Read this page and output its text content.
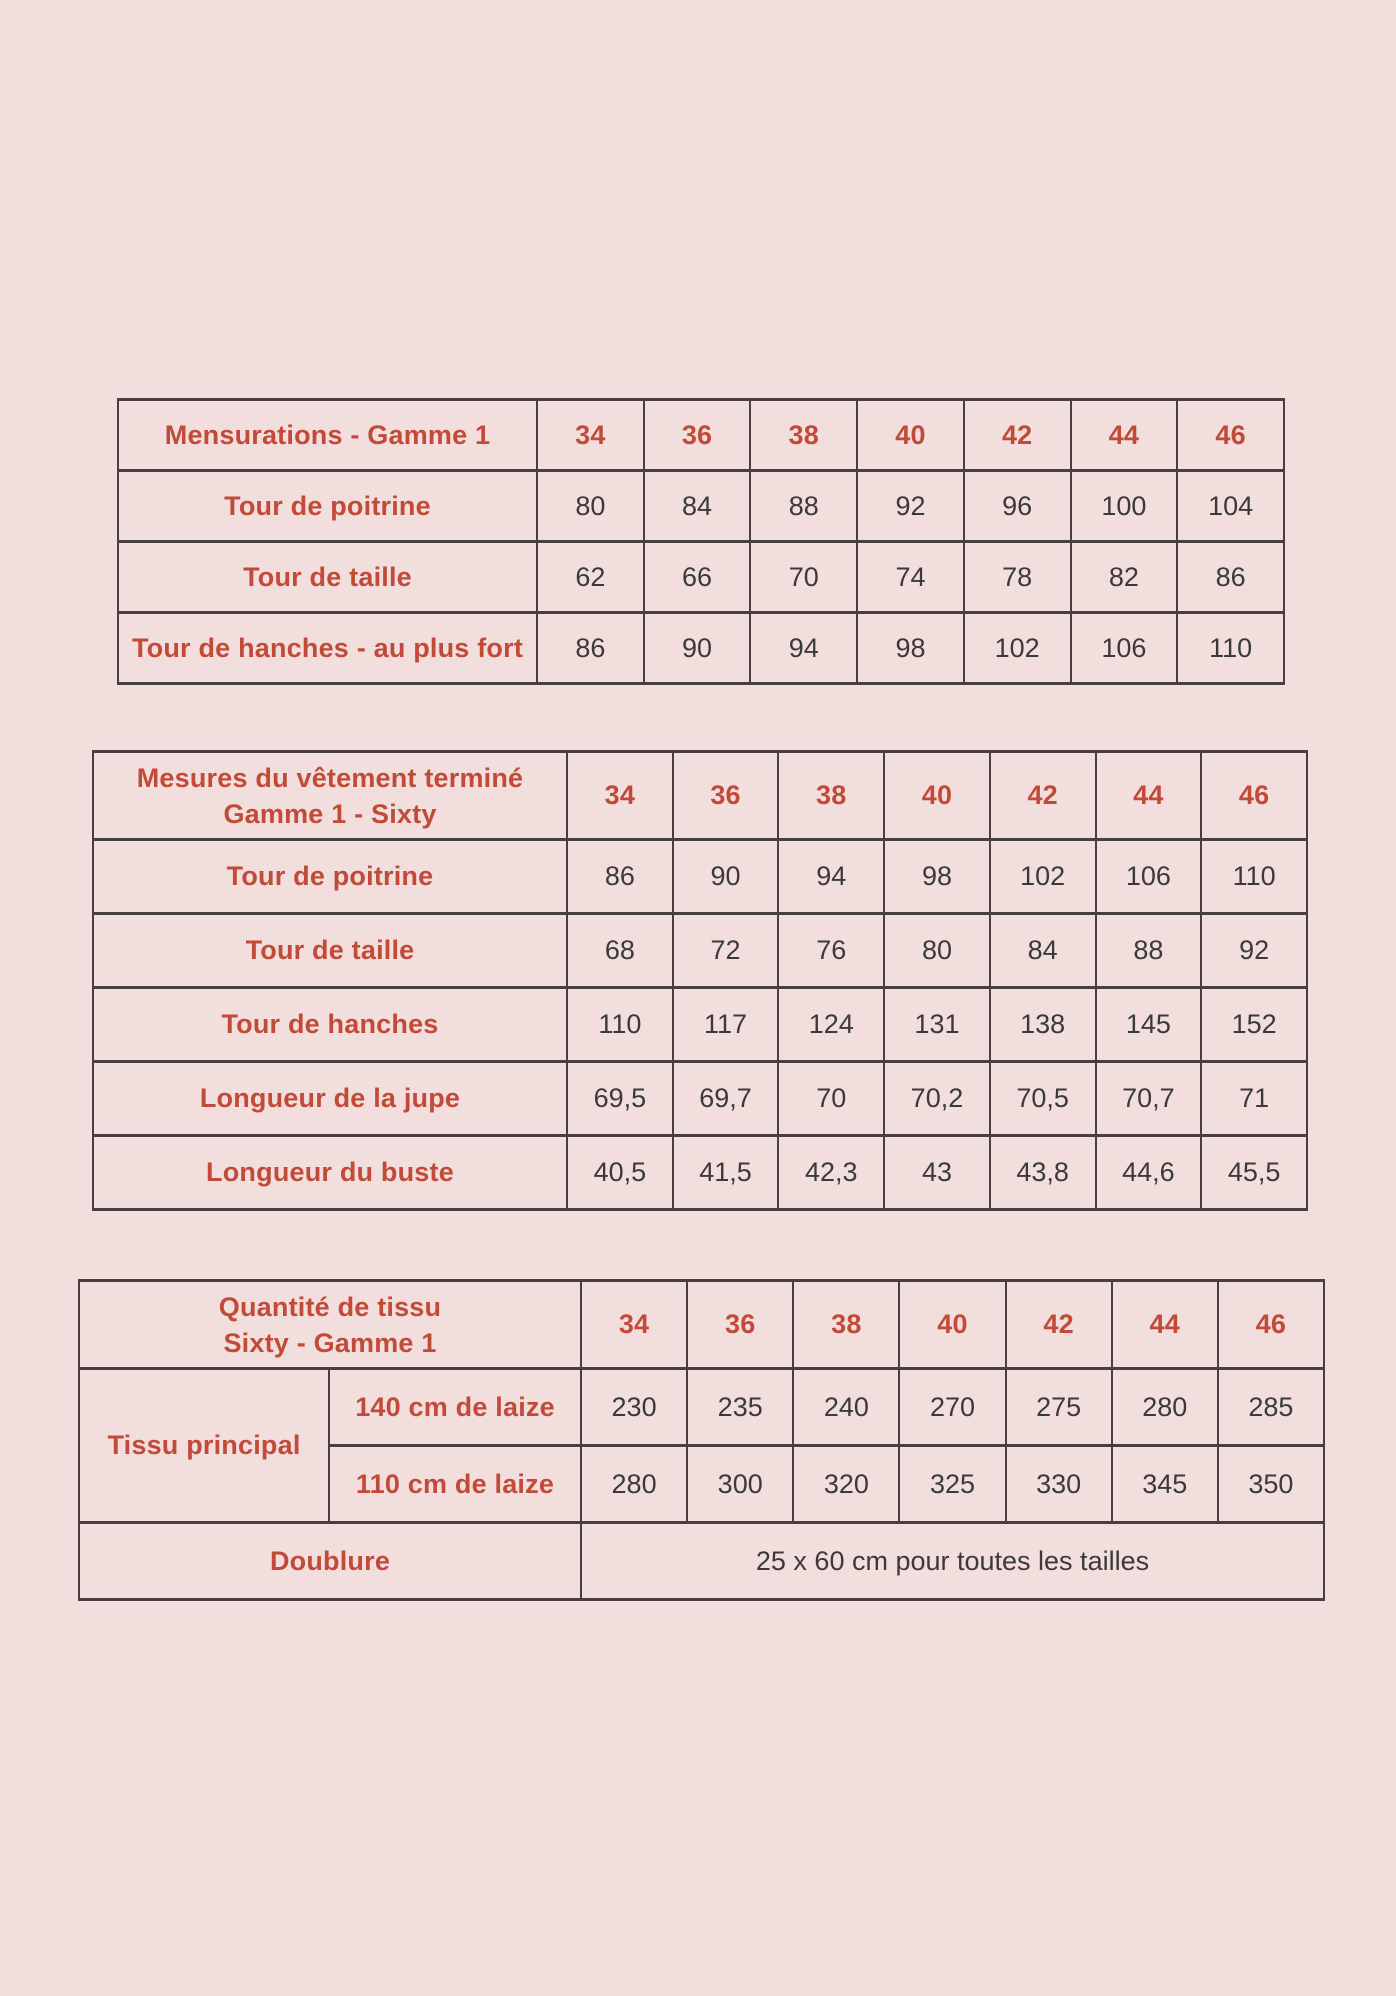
Mensurations - Gamme 1	34	36	38	40	42	44	46
Tour de poitrine	80	84	88	92	96	100	104
Tour de taille	62	66	70	74	78	82	86
Tour de hanches - au plus fort	86	90	94	98	102	106	110
Mesures du vêtement terminé
Gamme 1 - Sixty	34	36	38	40	42	44	46
Tour de poitrine	86	90	94	98	102	106	110
Tour de taille	68	72	76	80	84	88	92
Tour de hanches	110	117	124	131	138	145	152
Longueur de la jupe	69,5	69,7	70	70,2	70,5	70,7	71
Longueur du buste	40,5	41,5	42,3	43	43,8	44,6	45,5
Quantité de tissu
Sixty - Gamme 1		34	36	38	40	42	44	46
Tissu principal	140 cm de laize	230	235	240	270	275	280	285
	110 cm de laize	280	300	320	325	330	345	350
Doublure		25 x 60 cm pour toutes les tailles						
